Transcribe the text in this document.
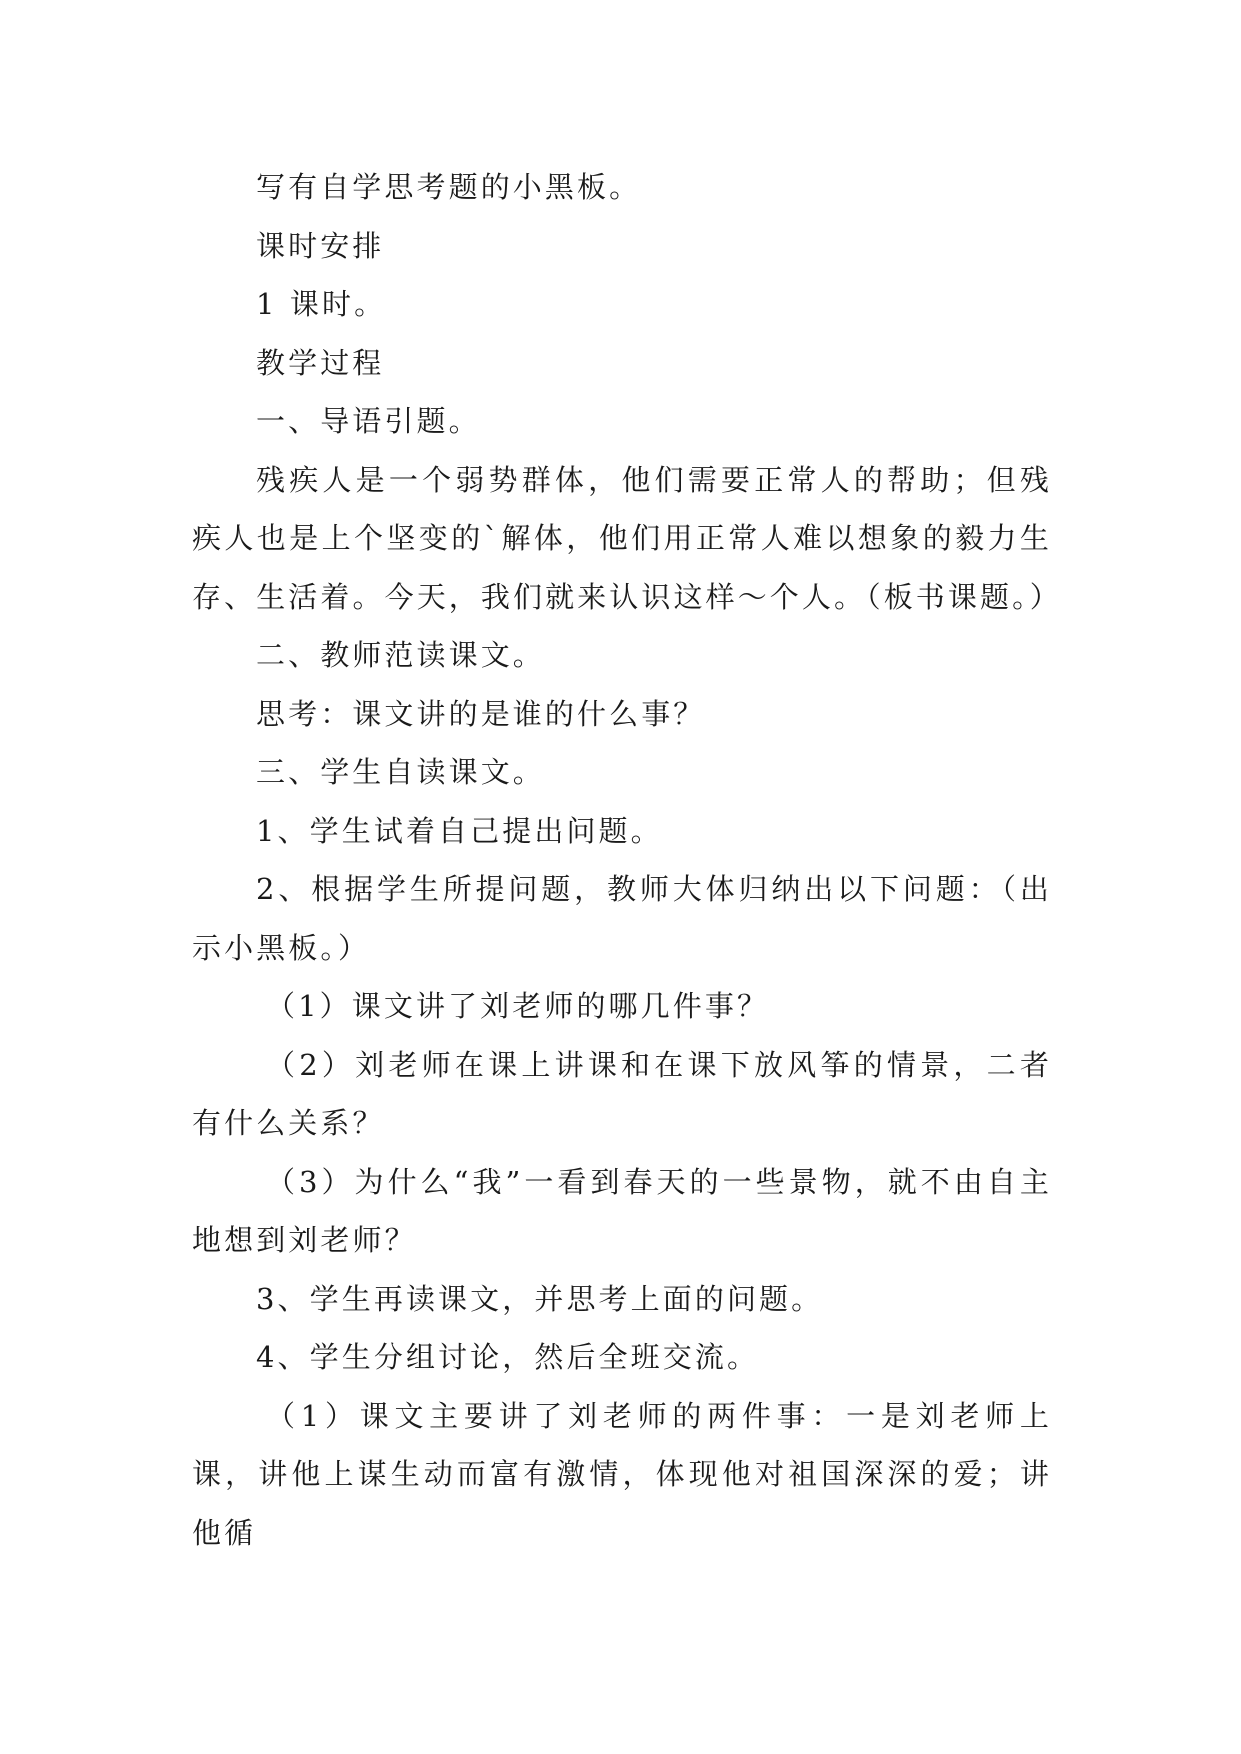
写有自学思考题的小黑板。

课时安排

1 课时。

教学过程

一、导语引题。

残疾人是一个弱势群体，他们需要正常人的帮助；但残疾人也是上个坚变的`解体，他们用正常人难以想象的毅力生存、生活着。今天，我们就来认识这样～个人。（板书课题。）

二、教师范读课文。

思考：课文讲的是谁的什么事？

三、学生自读课文。

1、学生试着自己提出问题。

2、根据学生所提问题，教师大体归纳出以下问题：（出示小黑板。）

（1）课文讲了刘老师的哪几件事？

（2）刘老师在课上讲课和在课下放风筝的情景，二者有什么关系？

（3）为什么“我”一看到春天的一些景物，就不由自主地想到刘老师？

3、学生再读课文，并思考上面的问题。

4、学生分组讨论，然后全班交流。

（1）课文主要讲了刘老师的两件事：一是刘老师上课，讲他上谋生动而富有激情，体现他对祖国深深的爱；讲他循
